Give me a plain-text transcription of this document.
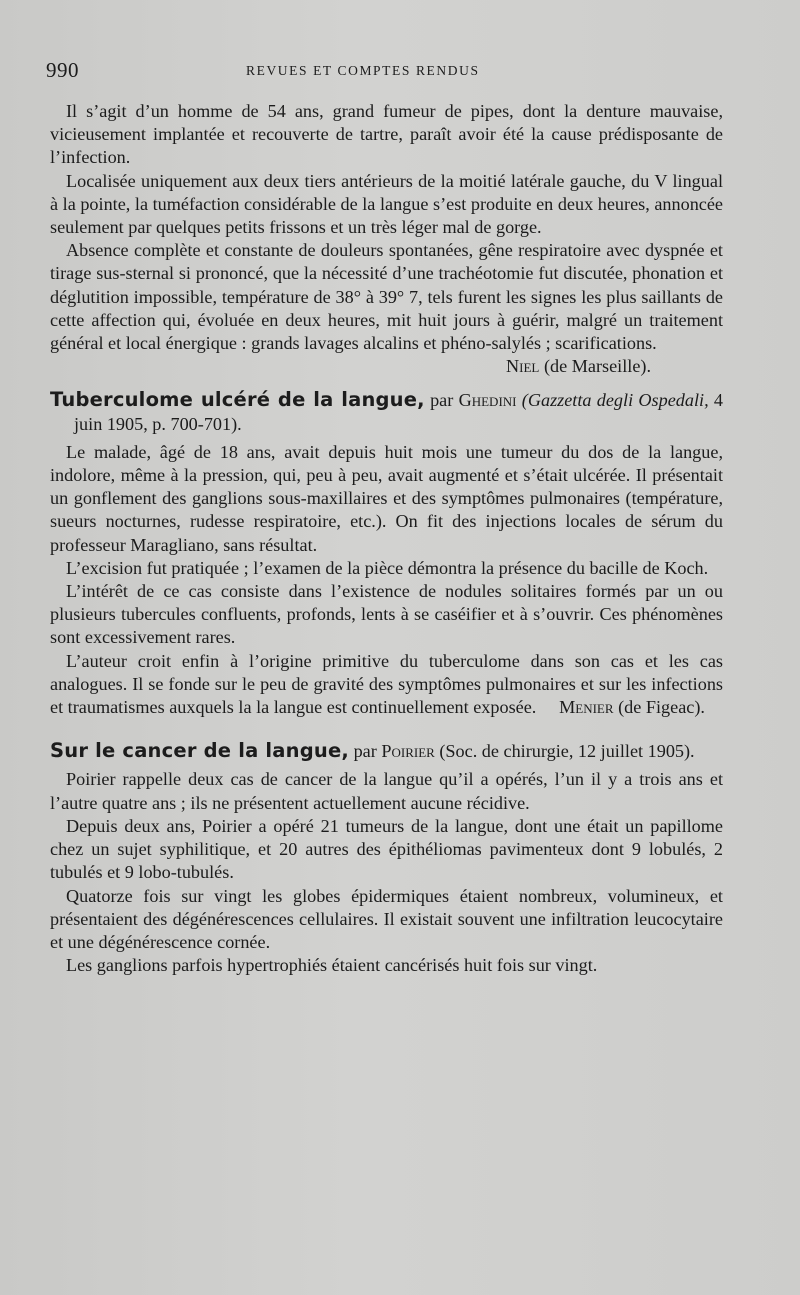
990	REVUES ET COMPTES RENDUS

Il s’agit d’un homme de 54 ans, grand fumeur de pipes, dont la denture mauvaise, vicieusement implantée et recouverte de tartre, paraît avoir été la cause prédisposante de l’infection.

Localisée uniquement aux deux tiers antérieurs de la moitié latérale gauche, du V lingual à la pointe, la tuméfaction considérable de la langue s’est produite en deux heures, annoncée seulement par quelques petits frissons et un très léger mal de gorge.

Absence complète et constante de douleurs spontanées, gêne respiratoire avec dyspnée et tirage sus-sternal si prononcé, que la nécessité d’une trachéotomie fut discutée, phonation et déglutition impossible, température de 38° à 39° 7, tels furent les signes les plus saillants de cette affection qui, évoluée en deux heures, mit huit jours à guérir, malgré un traitement général et local énergique : grands lavages alcalins et phéno-salylés ; scarifications.

Niel (de Marseille).

Tuberculome ulcéré de la langue, par Ghedini (Gazzetta degli Ospedali, 4 juin 1905, p. 700-701).

Le malade, âgé de 18 ans, avait depuis huit mois une tumeur du dos de la langue, indolore, même à la pression, qui, peu à peu, avait augmenté et s’était ulcérée. Il présentait un gonflement des ganglions sous-maxillaires et des symptômes pulmonaires (température, sueurs nocturnes, rudesse respiratoire, etc.). On fit des injections locales de sérum du professeur Maragliano, sans résultat.

L’excision fut pratiquée ; l’examen de la pièce démontra la présence du bacille de Koch.

L’intérêt de ce cas consiste dans l’existence de nodules solitaires formés par un ou plusieurs tubercules confluents, profonds, lents à se caséifier et à s’ouvrir. Ces phénomènes sont excessivement rares.

L’auteur croit enfin à l’origine primitive du tuberculome dans son cas et les cas analogues. Il se fonde sur le peu de gravité des symptômes pulmonaires et sur les infections et traumatismes auxquels la la langue est continuellement exposée. Menier (de Figeac).

Sur le cancer de la langue, par Poirier (Soc. de chirurgie, 12 juillet 1905).

Poirier rappelle deux cas de cancer de la langue qu’il a opérés, l’un il y a trois ans et l’autre quatre ans ; ils ne présentent actuellement aucune récidive.

Depuis deux ans, Poirier a opéré 21 tumeurs de la langue, dont une était un papillome chez un sujet syphilitique, et 20 autres des épithéliomas pavimenteux dont 9 lobulés, 2 tubulés et 9 lobo-tubulés.

Quatorze fois sur vingt les globes épidermiques étaient nombreux, volumineux, et présentaient des dégénérescences cellulaires. Il existait souvent une infiltration leucocytaire et une dégénérescence cornée.

Les ganglions parfois hypertrophiés étaient cancérisés huit fois sur vingt.
